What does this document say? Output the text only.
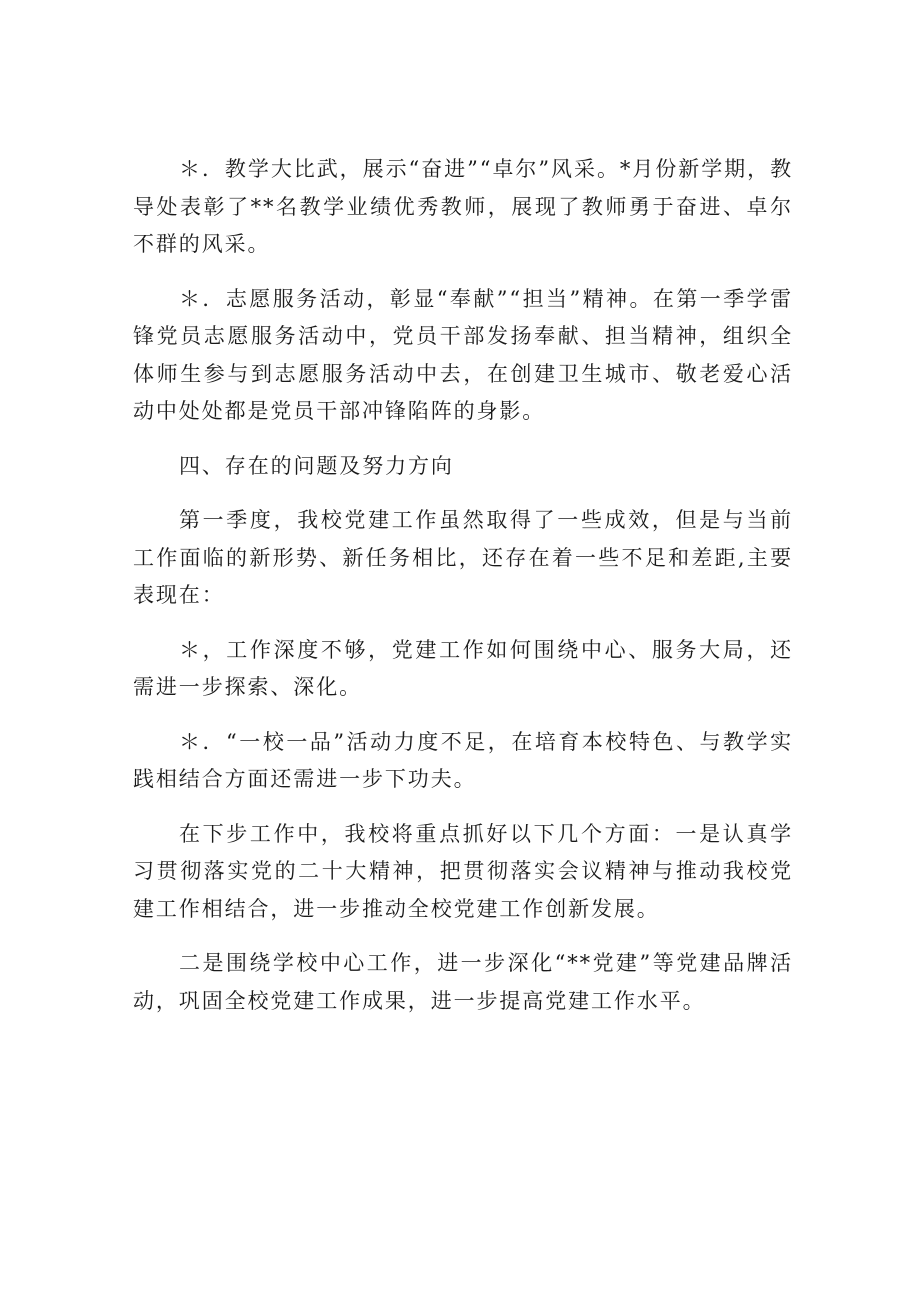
＊．教学大比武，展示“奋进”“卓尔”风采。*月份新学期，教导处表彰了**名教学业绩优秀教师，展现了教师勇于奋进、卓尔不群的风采。

＊．志愿服务活动，彰显“奉献”“担当”精神。在第一季学雷锋党员志愿服务活动中，党员干部发扬奉献、担当精神，组织全体师生参与到志愿服务活动中去，在创建卫生城市、敬老爱心活动中处处都是党员干部冲锋陷阵的身影。

四、存在的问题及努力方向

第一季度，我校党建工作虽然取得了一些成效，但是与当前工作面临的新形势、新任务相比，还存在着一些不足和差距,主要表现在：

＊，工作深度不够，党建工作如何围绕中心、服务大局，还需进一步探索、深化。

＊．“一校一品”活动力度不足，在培育本校特色、与教学实践相结合方面还需进一步下功夫。

在下步工作中，我校将重点抓好以下几个方面：一是认真学习贯彻落实党的二十大精神，把贯彻落实会议精神与推动我校党建工作相结合，进一步推动全校党建工作创新发展。

二是围绕学校中心工作，进一步深化“**党建”等党建品牌活动，巩固全校党建工作成果，进一步提高党建工作水平。
